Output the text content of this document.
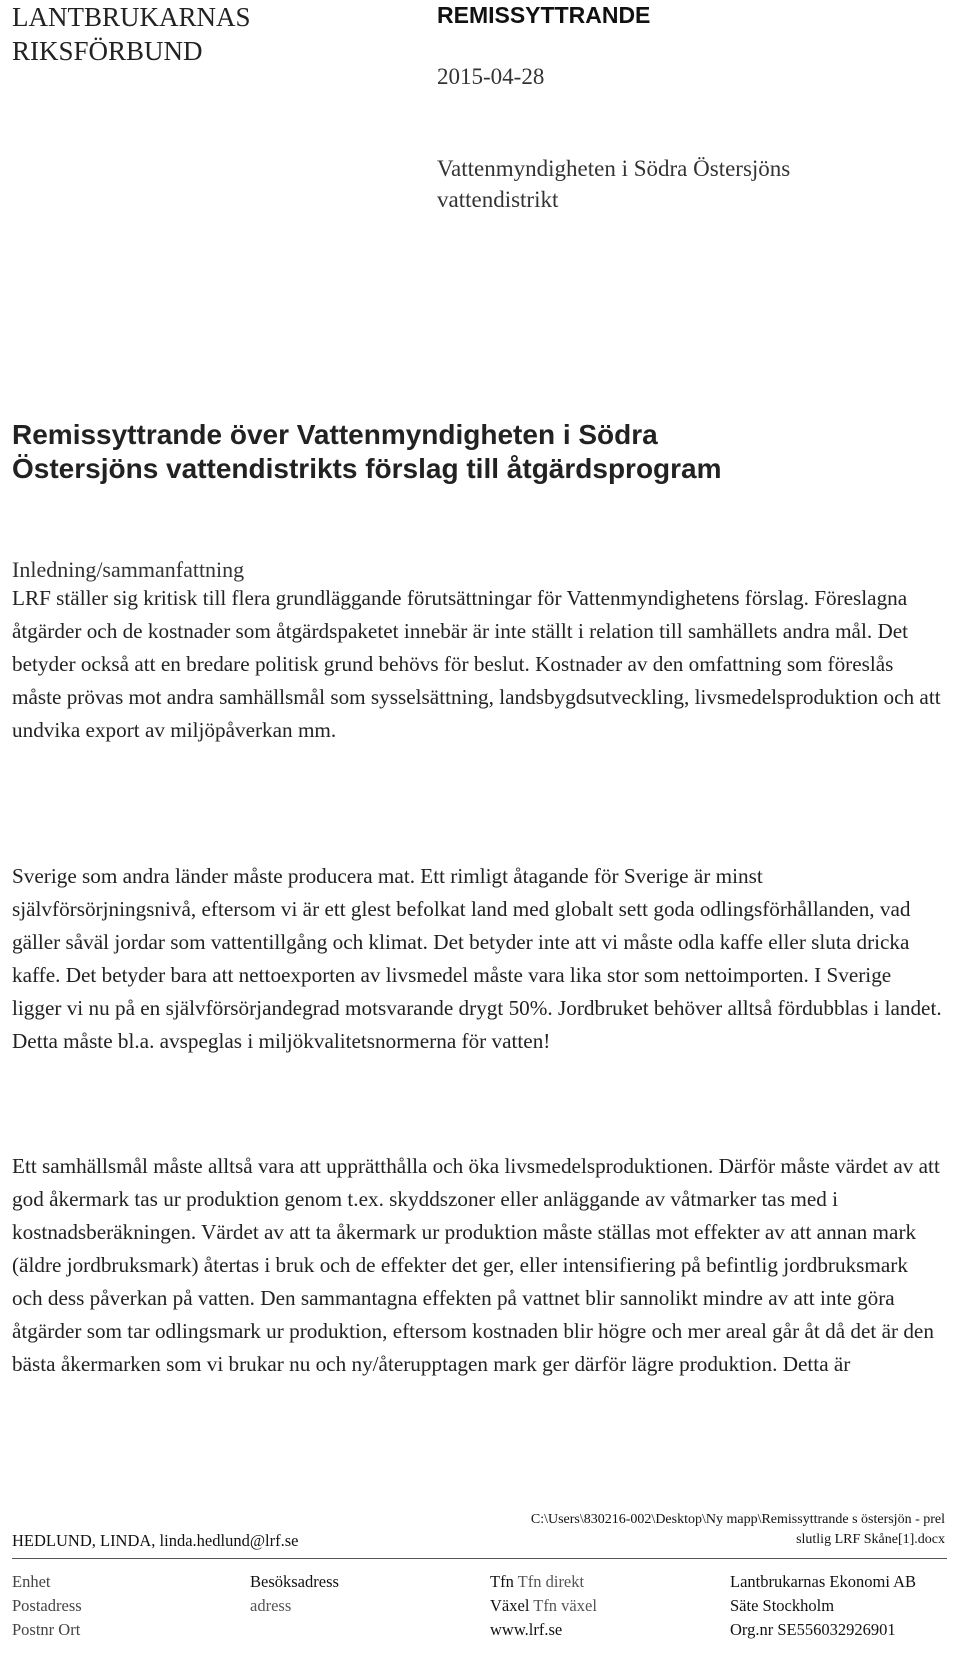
LANTBRUKARNAS
RIKSFÖRBUND
REMISSYTTRANDE
2015-04-28
Vattenmyndigheten i Södra Östersjöns
vattendistrikt
Remissyttrande över Vattenmyndigheten i Södra
Östersjöns vattendistrikts förslag till åtgärdsprogram
Inledning/sammanfattning

LRF ställer sig kritisk till flera grundläggande förutsättningar för Vattenmyndighetens förslag. Föreslagna åtgärder och de kostnader som åtgärdspaketet innebär är inte ställt i relation till samhällets andra mål. Det betyder också att en bredare politisk grund behövs för beslut. Kostnader av den omfattning som föreslås måste prövas mot andra samhällsmål som sysselsättning, landsbygdsutveckling, livsmedelsproduktion och att undvika export av miljöpåverkan mm.

Sverige som andra länder måste producera mat. Ett rimligt åtagande för Sverige är minst självförsörjningsnivå, eftersom vi är ett glest befolkat land med globalt sett goda odlingsförhållanden, vad gäller såväl jordar som vattentillgång och klimat. Det betyder inte att vi måste odla kaffe eller sluta dricka kaffe. Det betyder bara att nettoexporten av livsmedel måste vara lika stor som nettoimporten. I Sverige ligger vi nu på en självförsörjandegrad motsvarande drygt 50%. Jordbruket behöver alltså fördubblas i landet. Detta måste bl.a. avspeglas i miljökvalitetsnormerna för vatten!

Ett samhällsmål måste alltså vara att upprätthålla och öka livsmedelsproduktionen. Därför måste värdet av att god åkermark tas ur produktion genom t.ex. skyddszoner eller anläggande av våtmarker tas med i kostnadsberäkningen. Värdet av att ta åkermark ur produktion måste ställas mot effekter av att annan mark (äldre jordbruksmark) återtas i bruk och de effekter det ger, eller intensifiering på befintlig jordbruksmark och dess påverkan på vatten. Den sammantagna effekten på vattnet blir sannolikt mindre av att inte göra åtgärder som tar odlingsmark ur produktion, eftersom kostnaden blir högre och mer areal går åt då det är den bästa åkermarken som vi brukar nu och ny/återupptagen mark ger därför lägre produktion. Detta är

HEDLUND, LINDA, linda.hedlund@lrf.se
C:\Users\830216-002\Desktop\Ny mapp\Remissyttrande s östersjön - prel
slutlig LRF Skåne[1].docx
Enhet
Postadress
Postnr Ort
Besöksadress
adress
Tfn Tfn direkt
Växel Tfn växel
www.lrf.se
Lantbrukarnas Ekonomi AB
Säte Stockholm
Org.nr SE556032926901
